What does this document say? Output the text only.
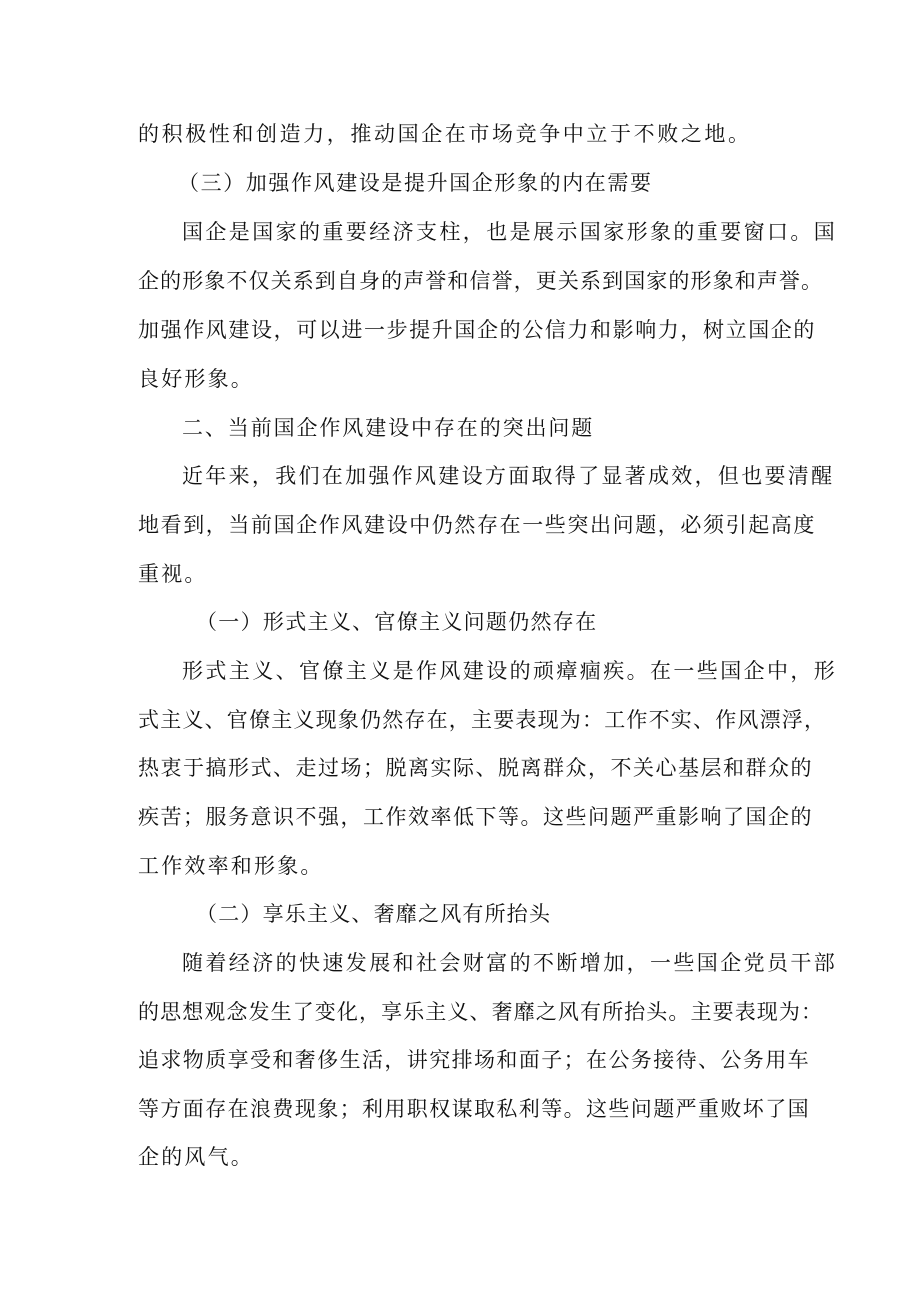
的积极性和创造力，推动国企在市场竞争中立于不败之地。
（三）加强作风建设是提升国企形象的内在需要
国企是国家的重要经济支柱，也是展示国家形象的重要窗口。国
企的形象不仅关系到自身的声誉和信誉，更关系到国家的形象和声誉。
加强作风建设，可以进一步提升国企的公信力和影响力，树立国企的
良好形象。
二、当前国企作风建设中存在的突出问题
近年来，我们在加强作风建设方面取得了显著成效，但也要清醒
地看到，当前国企作风建设中仍然存在一些突出问题，必须引起高度
重视。
（一）形式主义、官僚主义问题仍然存在
形式主义、官僚主义是作风建设的顽瘴痼疾。在一些国企中，形
式主义、官僚主义现象仍然存在，主要表现为：工作不实、作风漂浮，
热衷于搞形式、走过场；脱离实际、脱离群众，不关心基层和群众的
疾苦；服务意识不强，工作效率低下等。这些问题严重影响了国企的
工作效率和形象。
（二）享乐主义、奢靡之风有所抬头
随着经济的快速发展和社会财富的不断增加，一些国企党员干部
的思想观念发生了变化，享乐主义、奢靡之风有所抬头。主要表现为：
追求物质享受和奢侈生活，讲究排场和面子；在公务接待、公务用车
等方面存在浪费现象；利用职权谋取私利等。这些问题严重败坏了国
企的风气。
